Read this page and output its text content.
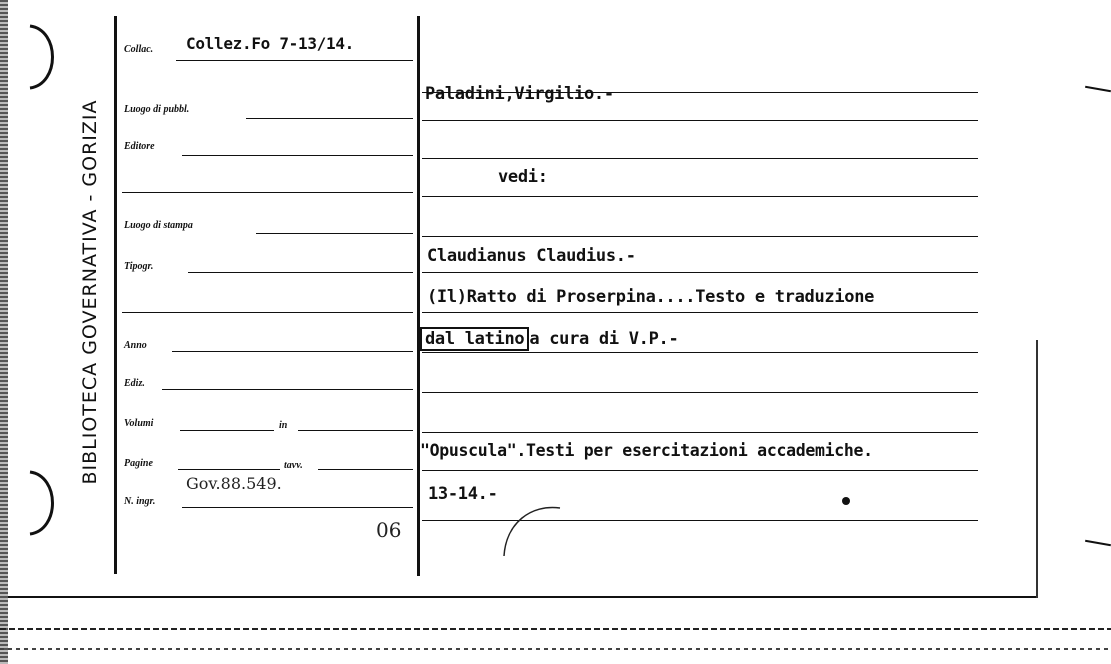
BIBLIOTECA GOVERNATIVA - GORIZIA
Collac.
Luogo di pubbl.
Editore
Luogo di stampa
Tipogr.
Anno
Ediz.
Volumi	in
Pagine	tavv.
N. ingr.
Collez.Fo 7-13/14.
Gov.88.549.
06
Paladini,Virgilio.-
vedi:
Claudianus Claudius.-
(Il)Ratto di Proserpina....Testo e traduzione
dal latino a cura di V.P.-
"Opuscula".Testi per esercitazioni accademiche.
13-14.-
